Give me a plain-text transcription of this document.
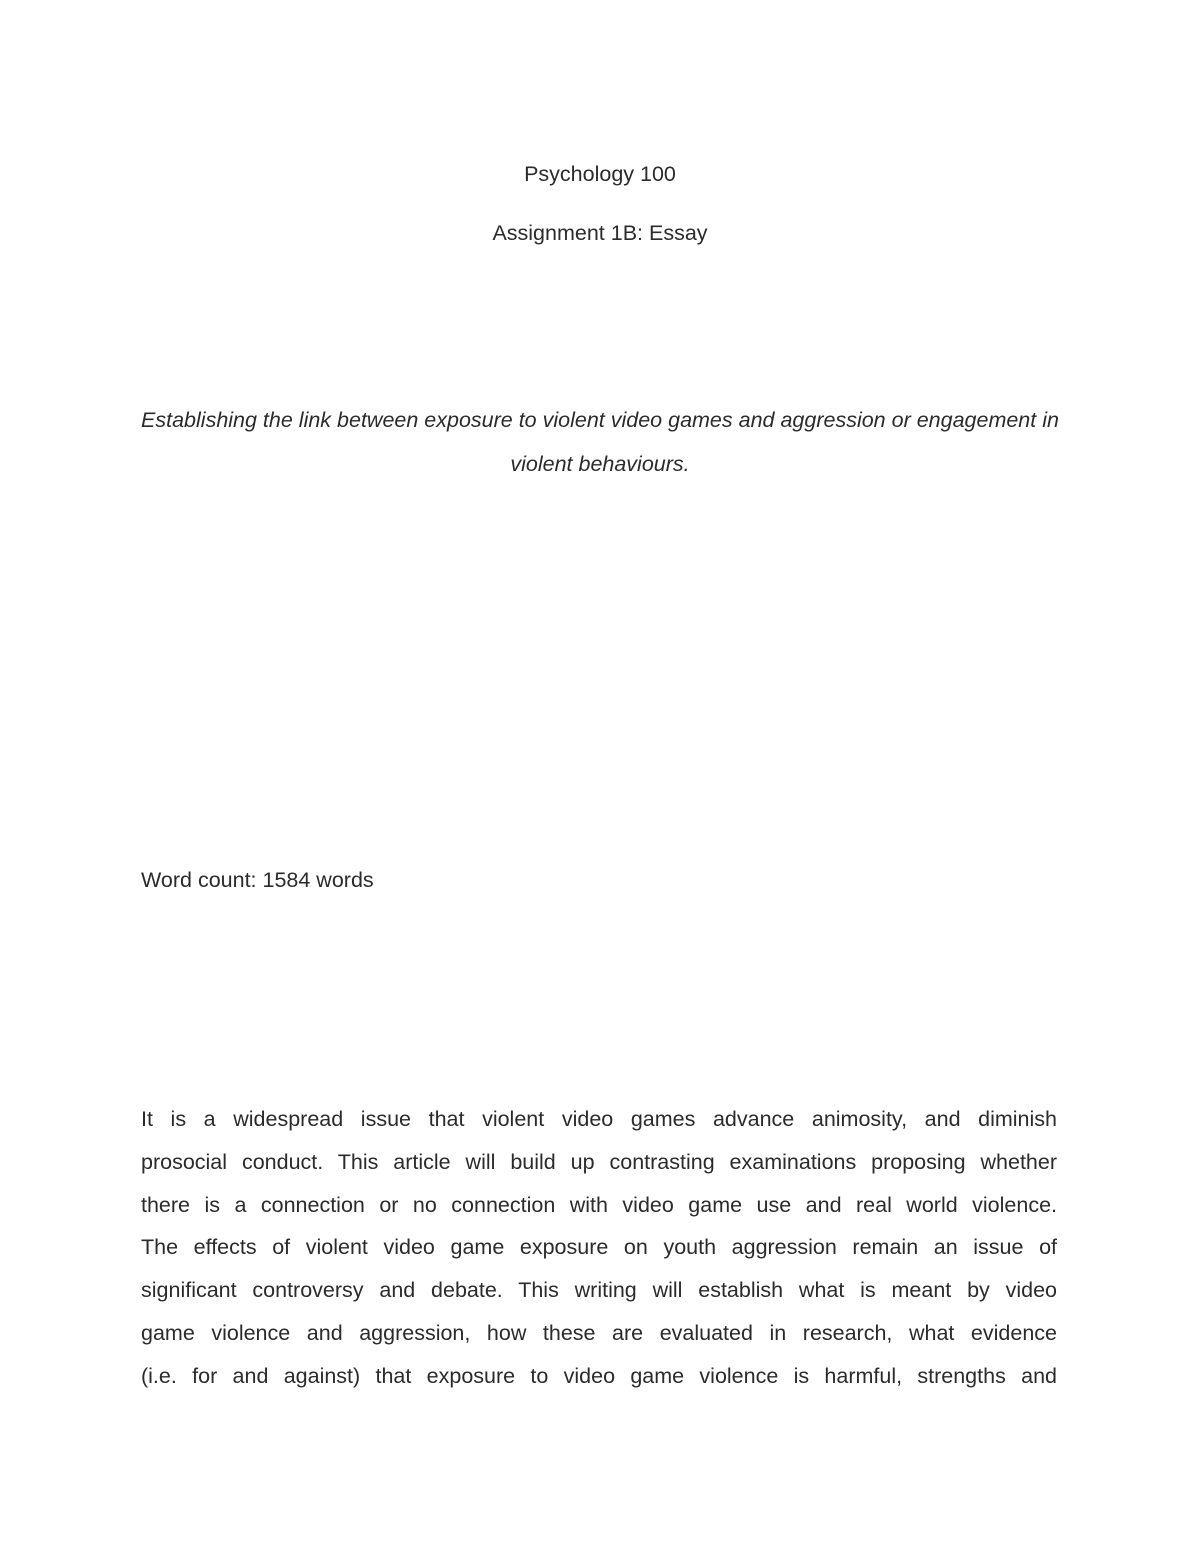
Psychology 100
Assignment 1B: Essay
Establishing the link between exposure to violent video games and aggression or engagement in violent behaviours.
Word count: 1584 words
It is a widespread issue that violent video games advance animosity, and diminish
prosocial conduct. This article will build up contrasting examinations proposing whether
there is a connection or no connection with video game use and real world violence.
The effects of violent video game exposure on youth aggression remain an issue of
significant controversy and debate. This writing will establish what is meant by video
game violence and aggression, how these are evaluated in research, what evidence
(i.e. for and against) that exposure to video game violence is harmful, strengths and
